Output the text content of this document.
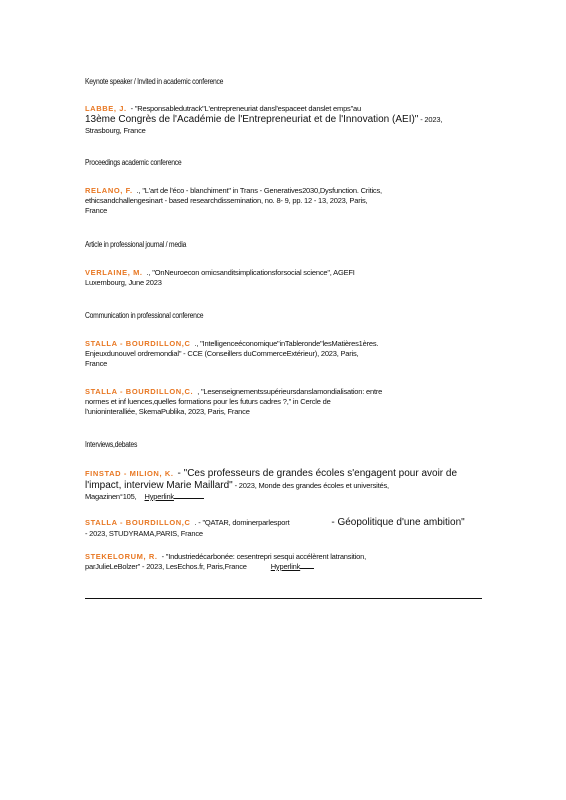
Keynote speaker / Invited in academic conference
LABBE, J. - "Responsabledutrack"L'entrepreneuriat dansl'espaceet danslet emps"au
13ème Congrès de l'Académie de l'Entrepreneuriat et de l'Innovation (AEI)" - 2023,
Strasbourg, France
Proceedings academic conference
RELANO, F. ., "L'art de l'éco - blanchiment" in Trans - Generatives2030,Dysfunction. Critics,
ethicsandchallengesinart - based researchdissemination, no. 8- 9, pp. 12 - 13, 2023, Paris,
France
Article in professional journal / media
VERLAINE, M. ., "OnNeuroecon omicsanditsimplicationsforsocial science", AGEFI
Luxembourg, June 2023
Communication in professional conference
STALLA - BOURDILLON,C ., "Intelligenceéconomique"inTableronde"lesMatières1ères.
Enjeuxdunouvel ordremondial" - CCE (Conseillers duCommerceExtérieur), 2023, Paris,
France
STALLA - BOURDILLON,C. , "Lesenseignementssupérieursdanslamondialisation: entre
normes et inf luences,quelles formations pour les futurs cadres ?," in Cercle de
l'unioninteralliée, SkemaPublika, 2023, Paris, France
Interviews,debates
FINSTAD - MILION, K. - "Ces professeurs de grandes écoles s'engagent pour avoir de
l'impact, interview Marie Maillard" - 2023, Monde des grandes écoles et universités,
Magazinen°105, Hyperlink
STALLA - BOURDILLON,C . - "QATAR, dominerparlesport	- Géopolitique d'une ambition"
- 2023, STUDYRAMA,PARIS, France
STEKELORUM, R. - "Industriedécarbonée: cesentrepri sesqui accélèrent latransition,
parJulieLeBolzer" - 2023, LesEchos.fr, Paris,France	Hyperlink
